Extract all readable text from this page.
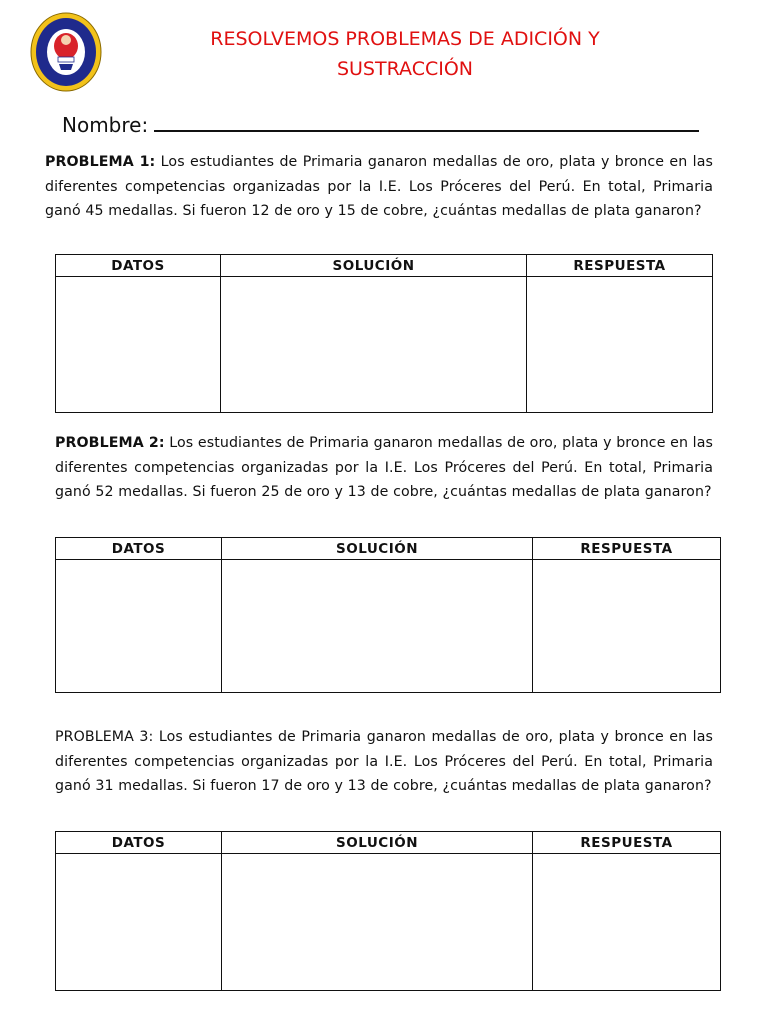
RESOLVEMOS PROBLEMAS DE ADICIÓN Y SUSTRACCIÓN
Nombre:
PROBLEMA 1: Los estudiantes de Primaria ganaron medallas de oro, plata y bronce en las diferentes competencias organizadas por la I.E. Los Próceres del Perú. En total, Primaria ganó 45 medallas. Si fueron 12 de oro y 15 de cobre, ¿cuántas medallas de plata ganaron?
DATOS	SOLUCIÓN	RESPUESTA

PROBLEMA 2: Los estudiantes de Primaria ganaron medallas de oro, plata y bronce en las diferentes competencias organizadas por la I.E. Los Próceres del Perú. En total, Primaria ganó 52 medallas. Si fueron 25 de oro y 13 de cobre, ¿cuántas medallas de plata ganaron?
DATOS	SOLUCIÓN	RESPUESTA

PROBLEMA 3: Los estudiantes de Primaria ganaron medallas de oro, plata y bronce en las diferentes competencias organizadas por la I.E. Los Próceres del Perú. En total, Primaria ganó 31 medallas. Si fueron 17 de oro y 13 de cobre, ¿cuántas medallas de plata ganaron?
DATOS	SOLUCIÓN	RESPUESTA
